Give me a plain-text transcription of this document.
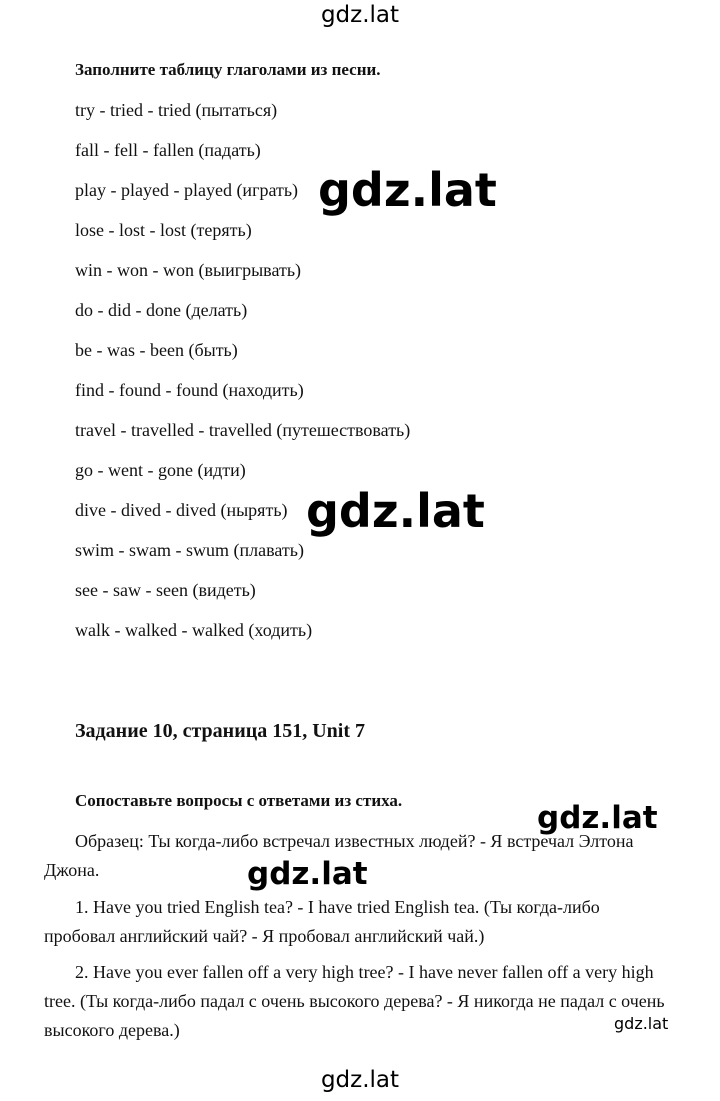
gdz.lat
Заполните таблицу глаголами из песни.
try - tried - tried (пытаться)
fall - fell - fallen (падать)
play - played - played (играть)
lose - lost - lost (терять)
win - won - won (выигрывать)
do - did - done (делать)
be - was - been (быть)
find - found - found (находить)
travel - travelled - travelled (путешествовать)
go - went - gone (идти)
dive - dived - dived (нырять)
swim - swam - swum (плавать)
see - saw - seen (видеть)
walk - walked - walked (ходить)
gdz.lat
gdz.lat
Задание 10, страница 151, Unit 7
Сопоставьте вопросы с ответами из стиха.

Образец: Ты когда-либо встречал известных людей? - Я встречал Элтона Джона.

gdz.lat
gdz.lat

1. Have you tried English tea? - I have tried English tea. (Ты когда-либо пробовал английский чай? - Я пробовал английский чай.)

2. Have you ever fallen off a very high tree? - I have never fallen off a very high tree. (Ты когда-либо падал с очень высокого дерева? - Я никогда не падал с очень высокого дерева.)	gdz.lat
gdz.lat
